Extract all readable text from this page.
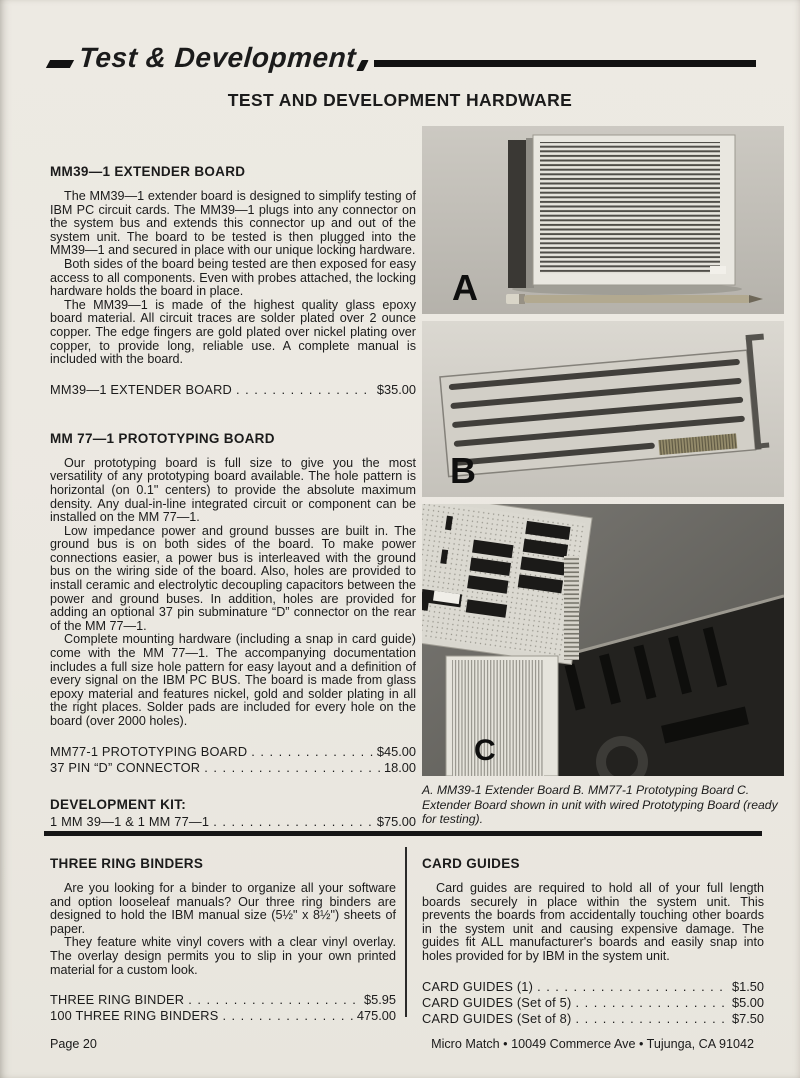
Test & Development
TEST AND DEVELOPMENT HARDWARE
MM39—1 EXTENDER BOARD

The MM39—1 extender board is designed to simplify testing of IBM PC circuit cards. The MM39—1 plugs into any connector on the system bus and extends this connector up and out of the system unit. The board to be tested is then plugged into the MM39—1 and secured in place with our unique locking hardware.

Both sides of the board being tested are then exposed for easy access to all components. Even with probes attached, the locking hardware holds the board in place.

The MM39—1 is made of the highest quality glass epoxy board material. All circuit traces are solder plated over 2 ounce copper. The edge fingers are gold plated over nickel plating over copper, to provide long, reliable use. A complete manual is included with the board.

MM39—1 EXTENDER BOARD . . .	$35.00
MM 77—1 PROTOTYPING BOARD

Our prototyping board is full size to give you the most versatility of any prototyping board available. The hole pattern is horizontal (on 0.1" centers) to provide the absolute maximum density. Any dual-in-line integrated circuit or component can be installed on the MM 77—1.

Low impedance power and ground busses are built in. The ground bus is on both sides of the board. To make power connections easier, a power bus is interleaved with the ground bus on the wiring side of the board. Also, holes are provided to install ceramic and electrolytic decoupling capacitors between the power and ground buses. In addition, holes are provided for adding an optional 37 pin subminature “D” connector on the rear of the MM 77—1.

Complete mounting hardware (including a snap in card guide) come with the MM 77—1. The accompanying documentation includes a full size hole pattern for easy layout and a definition of every signal on the IBM PC BUS. The board is made from glass epoxy material and features nickel, gold and solder plating in all the right places. Solder pads are included for every hole on the board (over 2000 holes).

MM77-1 PROTOTYPING BOARD . . .	$45.00
37 PIN “D” CONNECTOR . . .	18.00
DEVELOPMENT KIT:
1 MM 39—1 & 1 MM 77—1 . . .	$75.00
A
B
C

A. MM39-1 Extender Board B. MM77-1 Prototyping Board C. Extender Board shown in unit with wired Prototyping Board (ready for testing).

THREE RING BINDERS

Are you looking for a binder to organize all your software and option looseleaf manuals? Our three ring binders are designed to hold the IBM manual size (5½" x 8½") sheets of paper.

They feature white vinyl covers with a clear vinyl overlay. The overlay design permits you to slip in your own printed material for a custom look.

THREE RING BINDER . . .	$5.95
100 THREE RING BINDERS . . .	475.00
CARD GUIDES

Card guides are required to hold all of your full length boards securely in place within the system unit. This prevents the boards from accidentally touching other boards in the system unit and causing expensive damage. The guides fit ALL manufacturer's boards and easily snap into holes provided for by IBM in the system unit.

CARD GUIDES (1) . . .	$1.50
CARD GUIDES (Set of 5) . . .	$5.00
CARD GUIDES (Set of 8) . . .	$7.50
Page 20	Micro Match • 10049 Commerce Ave • Tujunga, CA 91042
